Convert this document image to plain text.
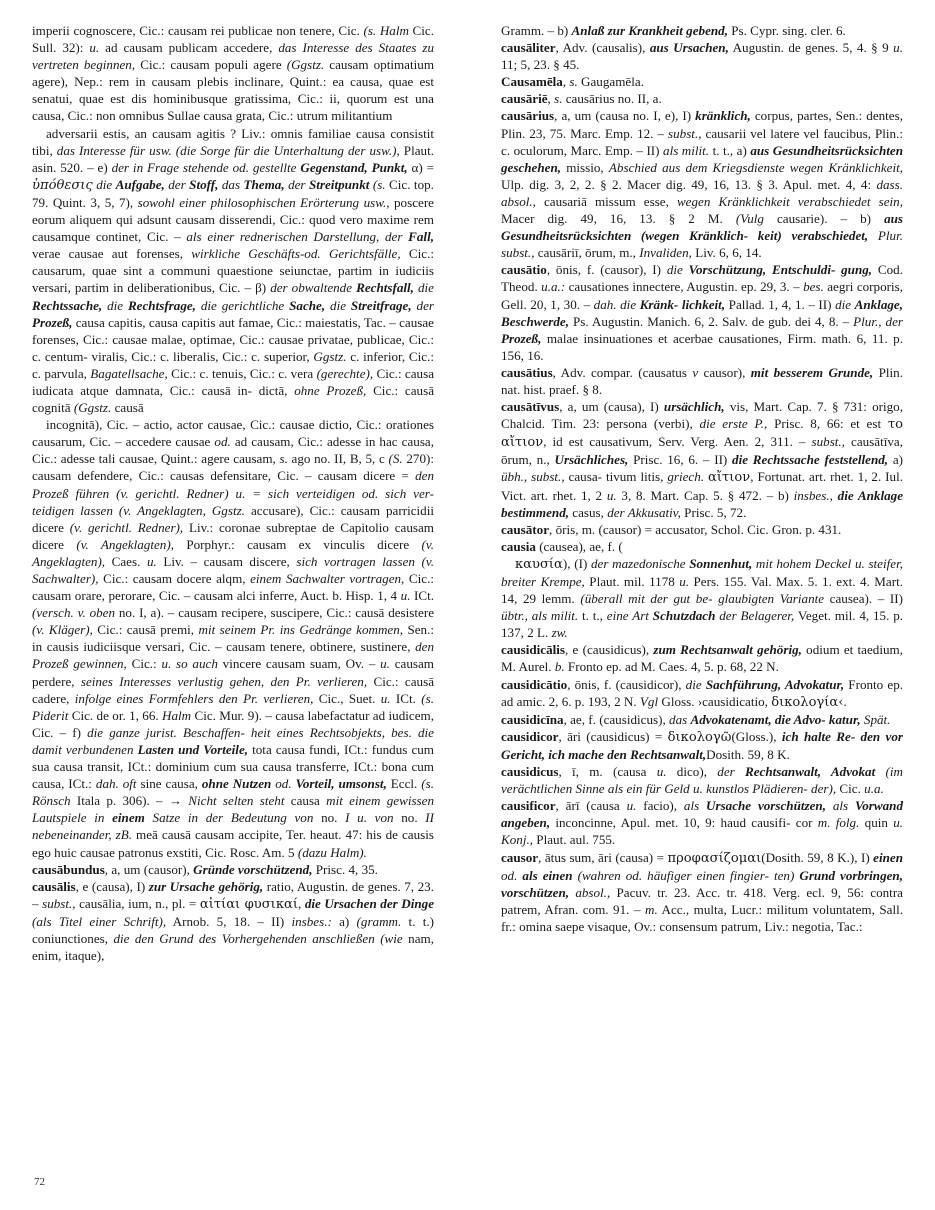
imperii cognoscere, Cic.: causam rei publicae non tenere, Cic. (s. Halm Cic. Sull. 32): u. ad causam publicam accedere, das Interesse des Staates zu vertreten beginnen, Cic.: causam populi agere (Ggstz. causam optimatium agere), Nep.: rem in causam plebis inclinare, Quint.: ea causa, quae est senatui, quae est dis hominibusque gratissima, Cic.: ii, quorum est una causa, Cic.: non omnibus Sullae causa grata, Cic.: utrum militantium

adversarii estis, an causam agitis ? Liv.: omnis familiae causa consistit tibi, das Interesse für usw. (die Sorge für die Unterhaltung der usw.), Plaut. asin. 520. – e) der in Frage stehende od. gestellte Gegenstand, Punkt, α) = ὑπόθεσις die Aufgabe, der Stoff, das Thema, der Streitpunkt (s. Cic. top. 79. Quint. 3, 5, 7), sowohl einer philosophischen Erörterung usw., poscere eorum aliquem qui adsunt causam disserendi, Cic.: quod vero maxime rem causamque continet, Cic. – als einer rednerischen Darstellung, der Fall, verae causae aut forenses, wirkliche Geschäfts-od. Gerichtsfälle, Cic.: causarum, quae sint a communi quaestione seiunctae, partim in iudiciis versari, partim in deliberationibus, Cic. – β) der obwaltende Rechtsfall, die Rechtssache, die Rechtsfrage, die gerichtliche Sache, die Streitfrage, der Prozeß, causa capitis, causa capitis aut famae, Cic.: maiestatis, Tac. – causae forenses, Cic.: causae malae, optimae, Cic.: causae privatae, publicae, Cic.: c. centum- viralis, Cic.: c. liberalis, Cic.: c. superior, Ggstz. c. inferior, Cic.: c. parvula, Bagatellsache, Cic.: c. tenuis, Cic.: c. vera (gerechte), Cic.: causa iudicata atque damnata, Cic.: causā in- dictā, ohne Prozeß, Cic.: causā cognitā (Ggstz. causā

incognitā), Cic. – actio, actor causae, Cic.: causae dictio, Cic.: orationes causarum, Cic. – accedere causae od. ad causam, Cic.: adesse in hac causa, Cic.: adesse tali causae, Quint.: agere causam, s. ago no. II, B, 5, c (S. 270): causam defendere, Cic.: causas defensitare, Cic. – causam dicere = den Prozeß führen (v. gerichtl. Redner) u. = sich verteidigen od. sich ver- teidigen lassen (v. Angeklagten, Ggstz. accusare), Cic.: causam parricidii dicere (v. gerichtl. Redner), Liv.: coronae subreptae de Capitolio causam dicere (v. Angeklagten), Porphyr.: causam ex vinculis dicere (v. Angeklagten), Caes. u. Liv. – causam discere, sich vortragen lassen (v. Sachwalter), Cic.: causam docere alqm, einem Sachwalter vortragen, Cic.: causam orare, perorare, Cic. – causam alci inferre, Auct. b. Hisp. 1, 4 u. ICt. (versch. v. oben no. I, a). – causam recipere, suscipere, Cic.: causā desistere (v. Kläger), Cic.: causā premi, mit seinem Pr. ins Gedränge kommen, Sen.: in causis iudiciisque versari, Cic. – causam tenere, obtinere, sustinere, den Prozeß gewinnen, Cic.: u. so auch vincere causam suam, Ov. – u. causam perdere, seines Interesses verlustig gehen, den Pr. verlieren, Cic.: causā cadere, infolge eines Formfehlers den Pr. verlieren, Cic., Suet. u. ICt. (s. Piderit Cic. de or. 1, 66. Halm Cic. Mur. 9). – causa labefactatur ad iudicem, Cic. – f) die ganze jurist. Beschaffen- heit eines Rechtsobjekts, bes. die damit verbundenen Lasten und Vorteile, tota causa fundi, ICt.: fundus cum sua causa transit, ICt.: dominium cum sua causa transferre, ICt.: bona cum causa, ICt.: dah. oft sine causa, ohne Nutzen od. Vorteil, umsonst, Eccl. (s. Rönsch Itala p. 306). – → Nicht selten steht causa mit einem gewissen Lautspiele in einem Satze in der Bedeutung von no. I u. von no. II nebeneinander, zB. meā causā causam accipite, Ter. heaut. 47: his de causis ego huic causae patronus exstiti, Cic. Rosc. Am. 5 (dazu Halm).

causābundus, a, um (causor), Gründe vorschützend, Prisc. 4, 35.

causālis, e (causa), I) zur Ursache gehörig, ratio, Augustin. de genes. 7, 23. – subst., causālia, ium, n., pl. = αἰτίαι φυσικαί, die Ursachen der Dinge (als Titel einer Schrift), Arnob. 5, 18. – II) insbes.: a) (gramm. t. t.) coniunctiones, die den Grund des Vorhergehenden anschließen (wie nam, enim, itaque),

Gramm. – b) Anlaß zur Krankheit gebend, Ps. Cypr. sing. cler. 6.

causāliter, Adv. (causalis), aus Ursachen, Augustin. de genes. 5, 4. § 9 u. 11; 5, 23. § 45.

Causamēla, s. Gaugamēla.

causāriē, s. causārius no. II, a.

causārius, a, um (causa no. I, e), I) kränklich, corpus, partes, Sen.: dentes, Plin. 23, 75. Marc. Emp. 12. – subst., causarii vel latere vel faucibus, Plin.: c. oculorum, Marc. Emp. – II) als milit. t. t., a) aus Gesundheitsrücksichten geschehen, missio, Abschied aus dem Kriegsdienste wegen Kränklichkeit, Ulp. dig. 3, 2, 2. § 2. Macer dig. 49, 16, 13. § 3. Apul. met. 4, 4: dass. absol., causariā missum esse, wegen Kränklichkeit verabschiedet sein, Macer dig. 49, 16, 13. § 2 M. (Vulg causarie). – b) aus Gesundheitsrücksichten (wegen Kränklich- keit) verabschiedet, Plur. subst., causāriī, ōrum, m., Invaliden, Liv. 6, 6, 14.

causātio, ōnis, f. (causor), I) die Vorschützung, Entschuldi- gung, Cod. Theod. u.a.: causationes innectere, Augustin. ep. 29, 3. – bes. aegri corporis, Gell. 20, 1, 30. – dah. die Kränk- lichkeit, Pallad. 1, 4, 1. – II) die Anklage, Beschwerde, Ps. Augustin. Manich. 6, 2. Salv. de gub. dei 4, 8. – Plur., der Prozeß, malae insinuationes et acerbae causationes, Firm. math. 6, 11. p. 156, 16.

causātius, Adv. compar. (causatus v causor), mit besserem Grunde, Plin. nat. hist. praef. § 8.

causātīvus, a, um (causa), I) ursächlich, vis, Mart. Cap. 7. § 731: origo, Chalcid. Tim. 23: persona (verbi), die erste P., Prisc. 8, 66: et est τo αἴτιον, id est causativum, Serv. Verg. Aen. 2, 311. – subst., causātīva, ōrum, n., Ursächliches, Prisc. 16, 6. – II) die Rechtssache feststellend, a) übh., subst., causa- tivum litis, griech. αἴτιον, Fortunat. art. rhet. 1, 2. Iul. Vict. art. rhet. 1, 2 u. 3, 8. Mart. Cap. 5. § 472. – b) insbes., die Anklage bestimmend, casus, der Akkusativ, Prisc. 5, 72.

causātor, ōris, m. (causor) = accusator, Schol. Cic. Gron. p. 431.

causia (causea), ae, f. (

καυσία), (I) der mazedonische Sonnenhut, mit hohem Deckel u. steifer, breiter Krempe, Plaut. mil. 1178 u. Pers. 155. Val. Max. 5. 1. ext. 4. Mart. 14, 29 lemm. (überall mit der gut be- glaubigten Variante causea). – II) übtr., als milit. t. t., eine Art Schutzdach der Belagerer, Veget. mil. 4, 15. p. 137, 2 L. zw.

causidicālis, e (causidicus), zum Rechtsanwalt gehörig, odium et taedium, M. Aurel. b. Fronto ep. ad M. Caes. 4, 5. p. 68, 22 N.

causidicātio, ōnis, f. (causidicor), die Sachführung, Advokatur, Fronto ep. ad amic. 2, 6. p. 193, 2 N. Vgl Gloss. ›causidicatio, δικολογία‹.

causidicīna, ae, f. (causidicus), das Advokatenamt, die Advo- katur, Spät.

causidicor, āri (causidicus) = δικολογῶ(Gloss.), ich halte Re- den vor Gericht, ich mache den Rechtsanwalt,Dosith. 59, 8 K.

causidicus, ī, m. (causa u. dico), der Rechtsanwalt, Advokat (im verächtlichen Sinne als ein für Geld u. kunstlos Plädieren- der), Cic. u.a.

causificor, ārī (causa u. facio), als Ursache vorschützen, als Vorwand angeben, inconcinne, Apul. met. 10, 9: haud causifi- cor m. folg. quin u. Konj., Plaut. aul. 755.

causor, ātus sum, āri (causa) = προφασίζομαι(Dosith. 59, 8 K.), I) einen od. als einen (wahren od. häufiger einen fingier- ten) Grund vorbringen, vorschützen, absol., Pacuv. tr. 23. Acc. tr. 418. Verg. ecl. 9, 56: contra patrem, Afran. com. 91. – m. Acc., multa, Lucr.: militum voluntatem, Sall. fr.: omina saepe visaque, Ov.: consensum patrum, Liv.: negotia, Tac.:

72
